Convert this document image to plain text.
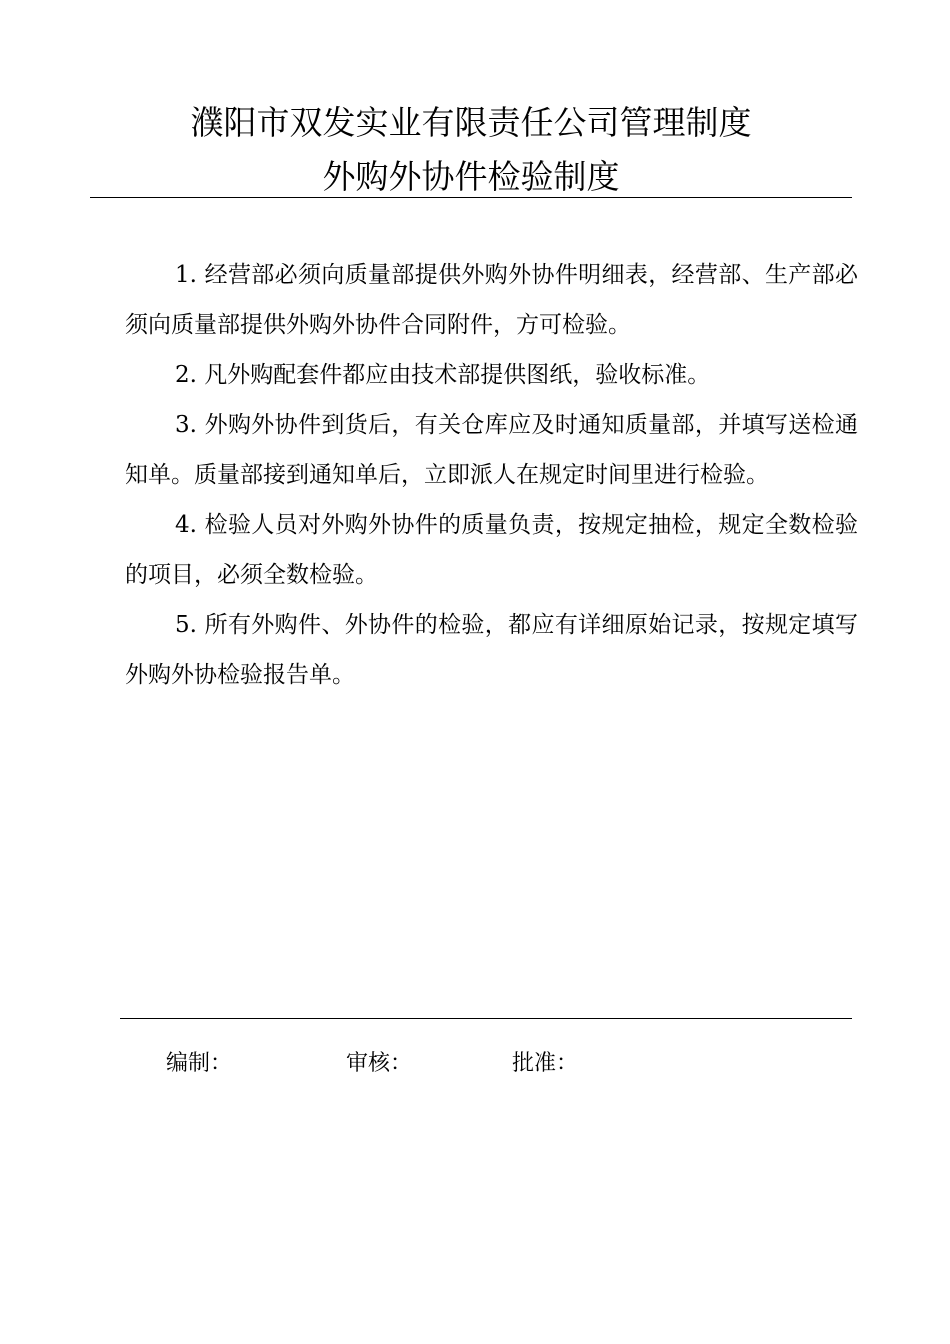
濮阳市双发实业有限责任公司管理制度
外购外协件检验制度

1. 经营部必须向质量部提供外购外协件明细表，经营部、生产部必须向质量部提供外购外协件合同附件，方可检验。

2. 凡外购配套件都应由技术部提供图纸，验收标准。

3. 外购外协件到货后，有关仓库应及时通知质量部，并填写送检通知单。质量部接到通知单后，立即派人在规定时间里进行检验。

4. 检验人员对外购外协件的质量负责，按规定抽检，规定全数检验的项目，必须全数检验。

5. 所有外购件、外协件的检验，都应有详细原始记录，按规定填写外购外协检验报告单。

编制：	审核：	批准：
